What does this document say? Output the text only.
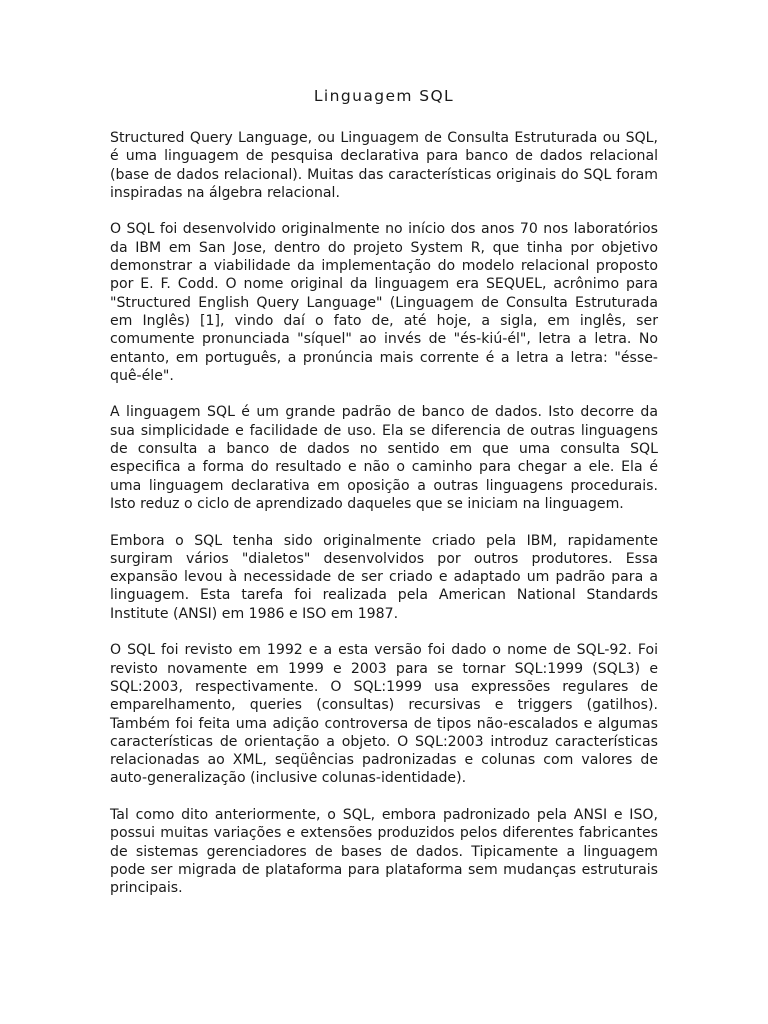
Linguagem SQL

Structured Query Language, ou Linguagem de Consulta Estruturada ou SQL, é uma linguagem de pesquisa declarativa para banco de dados relacional (base de dados relacional). Muitas das características originais do SQL foram inspiradas na álgebra relacional.

O SQL foi desenvolvido originalmente no início dos anos 70 nos laboratórios da IBM em San Jose, dentro do projeto System R, que tinha por objetivo demonstrar a viabilidade da implementação do modelo relacional proposto por E. F. Codd. O nome original da linguagem era SEQUEL, acrônimo para "Structured English Query Language" (Linguagem de Consulta Estruturada em Inglês) [1], vindo daí o fato de, até hoje, a sigla, em inglês, ser comumente pronunciada "síquel" ao invés de "és-kiú-él", letra a letra. No entanto, em português, a pronúncia mais corrente é a letra a letra: "ésse-quê-éle".

A linguagem SQL é um grande padrão de banco de dados. Isto decorre da sua simplicidade e facilidade de uso. Ela se diferencia de outras linguagens de consulta a banco de dados no sentido em que uma consulta SQL especifica a forma do resultado e não o caminho para chegar a ele. Ela é uma linguagem declarativa em oposição a outras linguagens procedurais. Isto reduz o ciclo de aprendizado daqueles que se iniciam na linguagem.

Embora o SQL tenha sido originalmente criado pela IBM, rapidamente surgiram vários "dialetos" desenvolvidos por outros produtores. Essa expansão levou à necessidade de ser criado e adaptado um padrão para a linguagem. Esta tarefa foi realizada pela American National Standards Institute (ANSI) em 1986 e ISO em 1987.

O SQL foi revisto em 1992 e a esta versão foi dado o nome de SQL-92. Foi revisto novamente em 1999 e 2003 para se tornar SQL:1999 (SQL3) e SQL:2003, respectivamente. O SQL:1999 usa expressões regulares de emparelhamento, queries (consultas) recursivas e triggers (gatilhos). Também foi feita uma adição controversa de tipos não-escalados e algumas características de orientação a objeto. O SQL:2003 introduz características relacionadas ao XML, seqüências padronizadas e colunas com valores de auto-generalização (inclusive colunas-identidade).

Tal como dito anteriormente, o SQL, embora padronizado pela ANSI e ISO, possui muitas variações e extensões produzidos pelos diferentes fabricantes de sistemas gerenciadores de bases de dados. Tipicamente a linguagem pode ser migrada de plataforma para plataforma sem mudanças estruturais principais.
